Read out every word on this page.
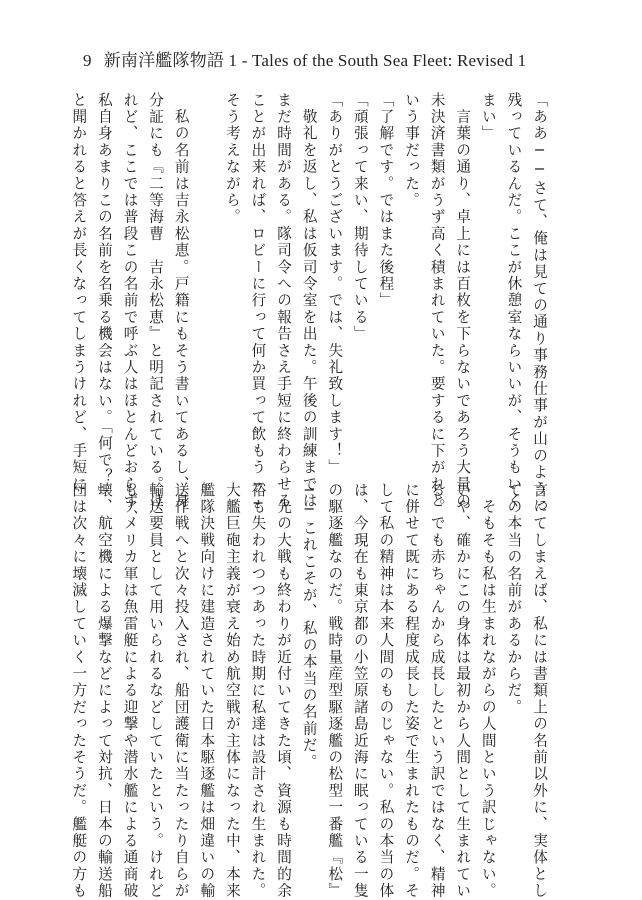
9 新南洋艦隊物語 1 - Tales of the South Sea Fleet: Revised 1
「ああ──さて、俺は見ての通り事務仕事が山のように
残っているんだ。ここが休憩室ならいいが、そうもいく
まい」
　言葉の通り、卓上には百枚を下らないであろう大量の
未決済書類がうず高く積まれていた。要するに下がれと
いう事だった。
「了解です。ではまた後程」
「頑張って来い、期待している」
「ありがとうございます。では、失礼致します！」
　敬礼を返し、私は仮司令室を出た。午後の訓練までは
まだ時間がある。隊司令への報告さえ手短に終わらせる
ことが出来れば、ロビーに行って何か買って飲もう──
そう考えながら。
　私の名前は吉永松恵。戸籍にもそう書いてあるし、身
分証にも『二等海曹　吉永松恵』と明記されている。け
れど、ここでは普段この名前で呼ぶ人はほとんどおらず、
私自身あまりこの名前を名乗る機会はない。「何で？」
と聞かれると答えが長くなってしまうけれど、手短に
言ってしまえば、私には書類上の名前以外に、実体とし
ての本当の名前があるからだ。
　そもそも私は生まれながらの人間という訳じゃない。
いや、確かにこの身体は最初から人間として生まれてい
る。でも赤ちゃんから成長したという訳ではなく、精神
に併せて既にある程度成長した姿で生まれたものだ。そ
して私の精神は本来人間のものじゃない。私の本当の体
は、今現在も東京都の小笠原諸島近海に眠っている一隻
の駆逐艦なのだ。戦時量産型駆逐艦の松型一番艦『松』
──これこそが、私の本当の名前だ。
　先の大戦も終わりが近付いてきた頃、資源も時間的余
裕も失われつつあった時期に私達は設計され生まれた。
大艦巨砲主義が衰え始め航空戦が主体になった中、本来
艦隊決戦向けに建造されていた日本駆逐艦は畑違いの輸
送作戦へと次々投入され、船団護衛に当たったり自らが
輸送要員として用いられるなどしていたという。けれど
もアメリカ軍は魚雷艇による迎撃や潜水艦による通商破
壊、航空機による爆撃などによって対抗、日本の輸送船
団は次々に壊滅していく一方だったそうだ。艦艇の方も
